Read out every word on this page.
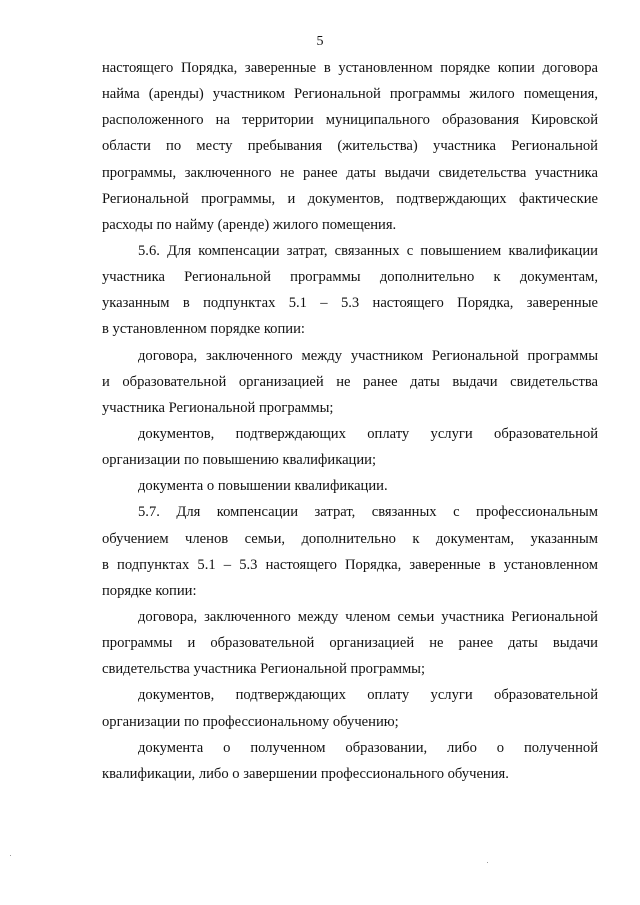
5

настоящего Порядка, заверенные в установленном порядке копии договора
найма (аренды) участником Региональной программы жилого помещения,
расположенного на территории муниципального образования Кировской
области по месту пребывания (жительства) участника Региональной
программы, заключенного не ранее даты выдачи свидетельства участника
Региональной программы, и документов, подтверждающих фактические
расходы по найму (аренде) жилого помещения.

5.6. Для компенсации затрат, связанных с повышением квалификации
участника Региональной программы дополнительно к документам,
указанным в подпунктах 5.1 – 5.3 настоящего Порядка, заверенные
в установленном порядке копии:

договора, заключенного между участником Региональной программы
и образовательной организацией не ранее даты выдачи свидетельства
участника Региональной программы;

документов, подтверждающих оплату услуги образовательной
организации по повышению квалификации;

документа о повышении квалификации.

5.7. Для компенсации затрат, связанных с профессиональным
обучением членов семьи, дополнительно к документам, указанным
в подпунктах 5.1 – 5.3 настоящего Порядка, заверенные в установленном
порядке копии:

договора, заключенного между членом семьи участника Региональной
программы и образовательной организацией не ранее даты выдачи
свидетельства участника Региональной программы;

документов, подтверждающих оплату услуги образовательной
организации по профессиональному обучению;

документа о полученном образовании, либо о полученной
квалификации, либо о завершении профессионального обучения.
